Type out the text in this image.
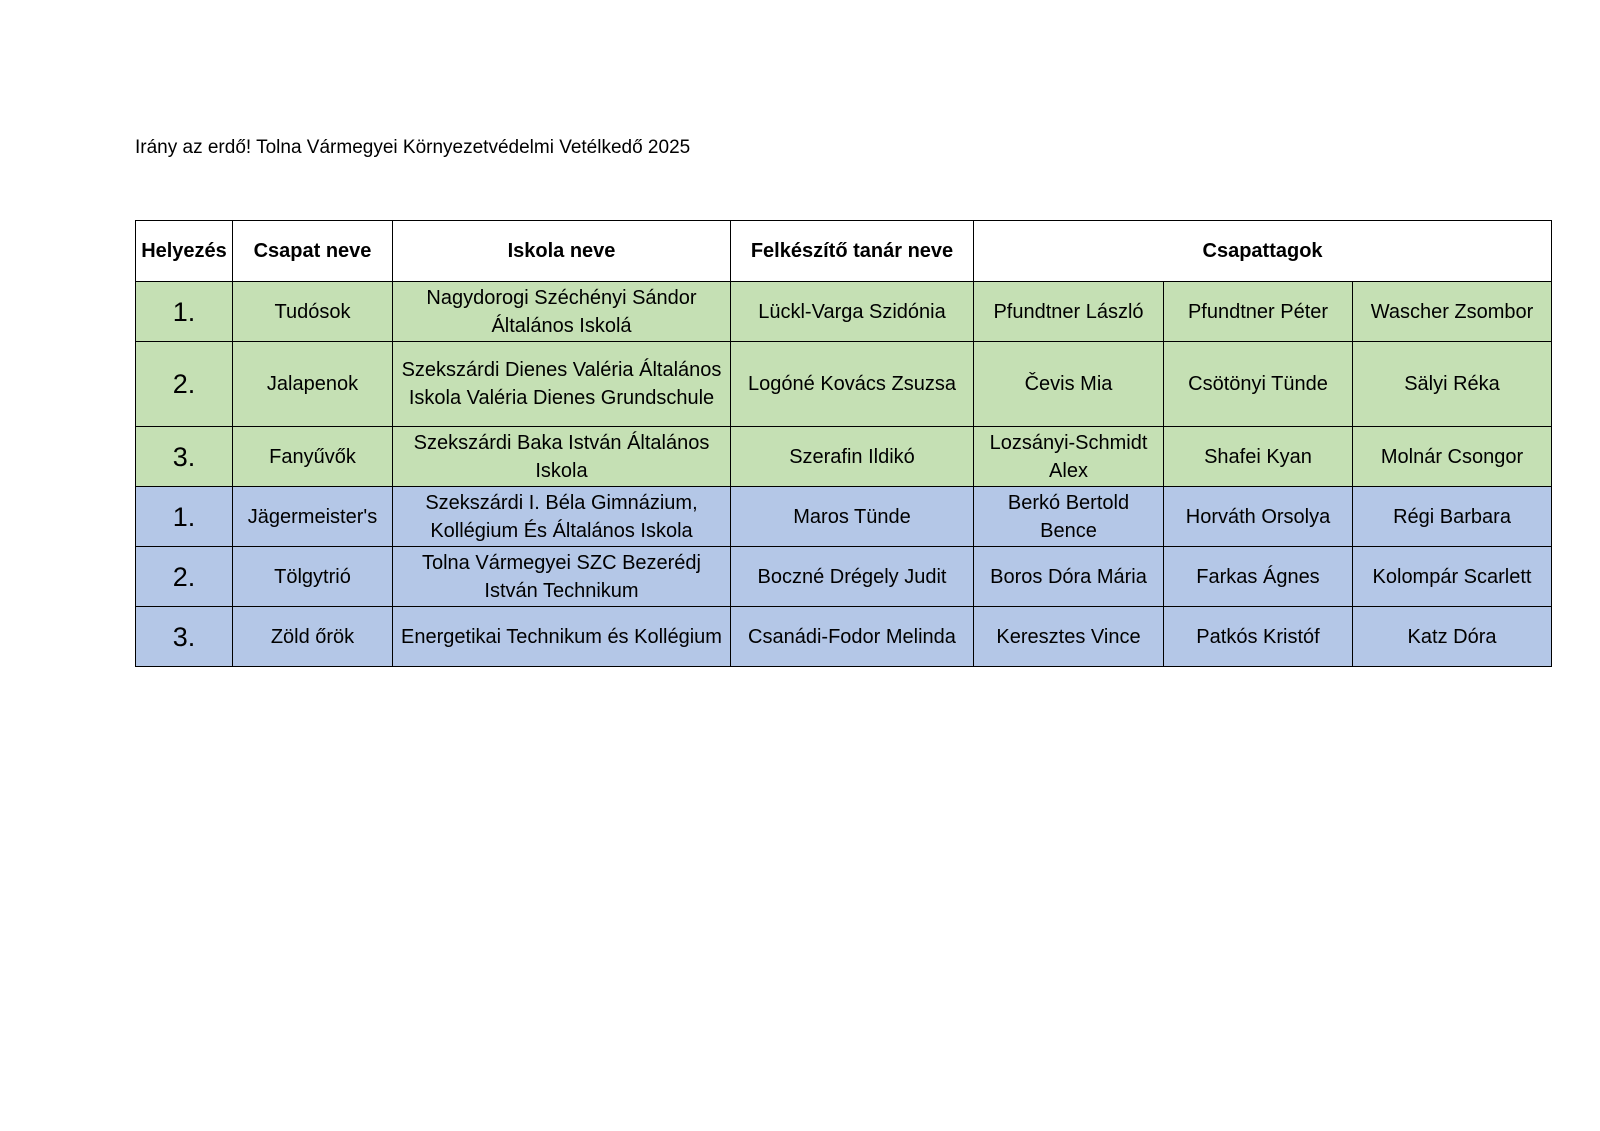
Irány az erdő! Tolna Vármegyei Környezetvédelmi Vetélkedő 2025
Helyezés	Csapat neve	Iskola neve	Felkészítő tanár neve	Csapattagok		
1.	Tudósok	Nagydorogi Széchényi Sándor Általános Iskolá	Lückl-Varga Szidónia	Pfundtner László	Pfundtner Péter	Wascher Zsombor
2.	Jalapenok	Szekszárdi Dienes Valéria Általános Iskola Valéria Dienes Grundschule	Logóné Kovács Zsuzsa	Čevis Mia	Csötönyi Tünde	Sälyi Réka
3.	Fanyűvők	Szekszárdi Baka István Általános Iskola	Szerafin Ildikó	Lozsányi-Schmidt Alex	Shafei Kyan	Molnár Csongor
1.	Jägermeister's	Szekszárdi I. Béla Gimnázium, Kollégium És Általános Iskola	Maros Tünde	Berkó Bertold Bence	Horváth Orsolya	Régi Barbara
2.	Tölgytrió	Tolna Vármegyei SZC Bezerédj István Technikum	Boczné Drégely Judit	Boros Dóra Mária	Farkas Ágnes	Kolompár Scarlett
3.	Zöld őrök	Energetikai Technikum és Kollégium	Csanádi-Fodor Melinda	Keresztes Vince	Patkós Kristóf	Katz Dóra
